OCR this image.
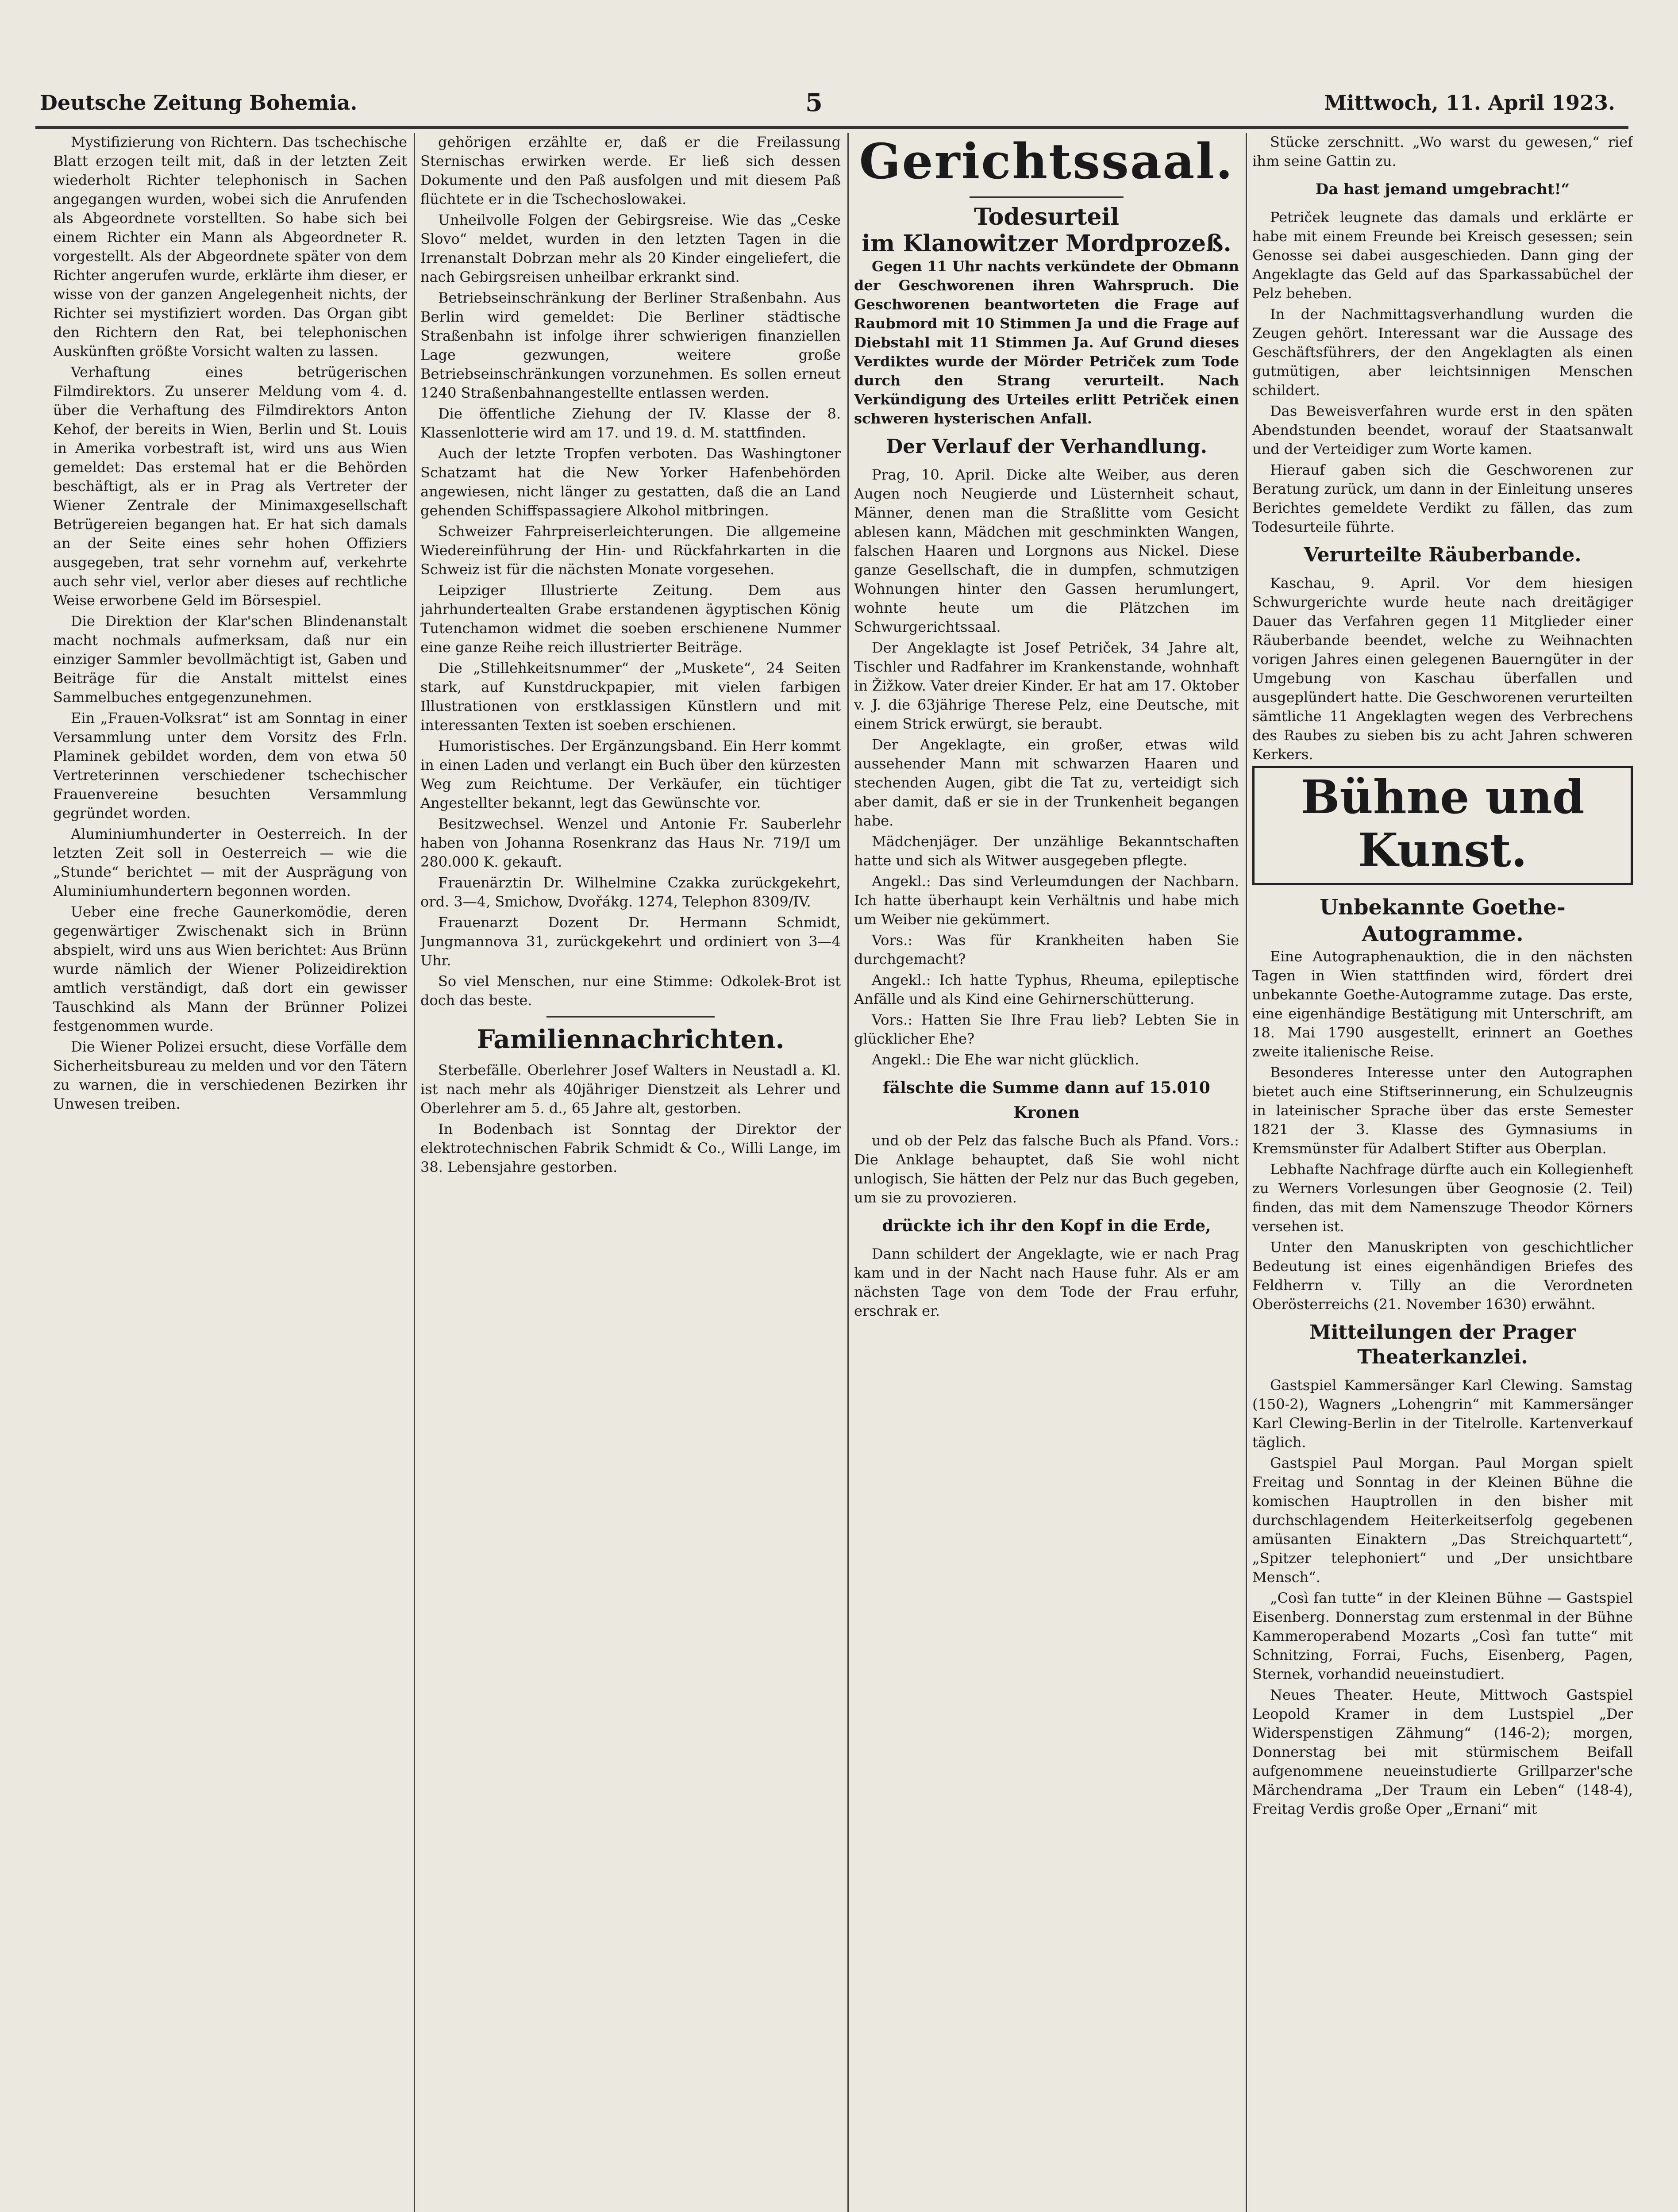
Deutsche Zeitung Bohemia.	5	Mittwoch, 11. April 1923.

Mystifizierung von Richtern. Das tschechische Blatt erzogen teilt mit, daß in der letzten Zeit wiederholt Richter telephonisch in Sachen angegangen wurden, wobei sich die Anrufenden als Abgeordnete vorstellten. So habe sich bei einem Richter ein Mann als Abgeordneter R. vorgestellt. Als der Abgeordnete später von dem Richter angerufen wurde, erklärte ihm dieser, er wisse von der ganzen Angelegenheit nichts, der Richter sei mystifiziert worden. Das Organ gibt den Richtern den Rat, bei telephonischen Auskünften größte Vorsicht walten zu lassen.

Verhaftung eines betrügerischen Filmdirektors. Zu unserer Meldung vom 4. d. über die Verhaftung des Filmdirektors Anton Kehof, der bereits in Wien, Berlin und St. Louis in Amerika vorbestraft ist, wird uns aus Wien gemeldet: Das erstemal hat er die Behörden beschäftigt, als er in Prag als Vertreter der Wiener Zentrale der Minimaxgesellschaft Betrügereien begangen hat. Er hat sich damals an der Seite eines sehr hohen Offiziers ausgegeben, trat sehr vornehm auf, verkehrte auch sehr viel, verlor aber dieses auf rechtliche Weise erworbene Geld im Börsespiel.

Die Direktion der Klar'schen Blindenanstalt macht nochmals aufmerksam, daß nur ein einziger Sammler bevollmächtigt ist, Gaben und Beiträge für die Anstalt mittelst eines Sammelbuches entgegenzunehmen.

Ein „Frauen-Volksrat“ ist am Sonntag in einer Versammlung unter dem Vorsitz des Frln. Plaminek gebildet worden, dem von etwa 50 Vertreterinnen verschiedener tschechischer Frauenvereine besuchten Versammlung gegründet worden.

Aluminiumhunderter in Oesterreich. In der letzten Zeit soll in Oesterreich — wie die „Stunde“ berichtet — mit der Ausprägung von Aluminiumhundertern begonnen worden.

Ueber eine freche Gaunerkomödie, deren gegenwärtiger Zwischenakt sich in Brünn abspielt, wird uns aus Wien berichtet: Aus Brünn wurde nämlich der Wiener Polizeidirektion amtlich verständigt, daß dort ein gewisser Tauschkind als Mann der Brünner Polizei festgenommen wurde.

Die Wiener Polizei ersucht, diese Vorfälle dem Sicherheitsbureau zu melden und vor den Tätern zu warnen, die in verschiedenen Bezirken ihr Unwesen treiben.

gehörigen erzählte er, daß er die Freilassung Sternischas erwirken werde. Er ließ sich dessen Dokumente und den Paß ausfolgen und mit diesem Paß flüchtete er in die Tschechoslowakei.

Unheilvolle Folgen der Gebirgsreise. Wie das „Ceske Slovo“ meldet, wurden in den letzten Tagen in die Irrenanstalt Dobrzan mehr als 20 Kinder eingeliefert, die nach Gebirgsreisen unheilbar erkrankt sind.

Betriebseinschränkung der Berliner Straßenbahn. Aus Berlin wird gemeldet: Die Berliner städtische Straßenbahn ist infolge ihrer schwierigen finanziellen Lage gezwungen, weitere große Betriebseinschränkungen vorzunehmen. Es sollen erneut 1240 Straßenbahnangestellte entlassen werden.

Die öffentliche Ziehung der IV. Klasse der 8. Klassenlotterie wird am 17. und 19. d. M. stattfinden.

Auch der letzte Tropfen verboten. Das Washingtoner Schatzamt hat die New Yorker Hafenbehörden angewiesen, nicht länger zu gestatten, daß die an Land gehenden Schiffspassagiere Alkohol mitbringen.

Schweizer Fahrpreiserleichterungen. Die allgemeine Wiedereinführung der Hin- und Rückfahrkarten in die Schweiz ist für die nächsten Monate vorgesehen.

Leipziger Illustrierte Zeitung. Dem aus jahrhundertealten Grabe erstandenen ägyptischen König Tutenchamon widmet die soeben erschienene Nummer eine ganze Reihe reich illustrierter Beiträge.

Die „Stillehkeitsnummer“ der „Muskete“, 24 Seiten stark, auf Kunstdruckpapier, mit vielen farbigen Illustrationen von erstklassigen Künstlern und mit interessanten Texten ist soeben erschienen.

Humoristisches. Der Ergänzungsband. Ein Herr kommt in einen Laden und verlangt ein Buch über den kürzesten Weg zum Reichtume. Der Verkäufer, ein tüchtiger Angestellter bekannt, legt das Gewünschte vor.

Besitzwechsel. Wenzel und Antonie Fr. Sauberlehr haben von Johanna Rosenkranz das Haus Nr. 719/I um 280.000 K. gekauft.

Frauenärztin Dr. Wilhelmine Czakka zurückgekehrt, ord. 3—4, Smichow, Dvořákg. 1274, Telephon 8309/IV.

Frauenarzt Dozent Dr. Hermann Schmidt, Jungmannova 31, zurückgekehrt und ordiniert von 3—4 Uhr.

So viel Menschen, nur eine Stimme: Odkolek-Brot ist doch das beste.

Familiennachrichten.

Sterbefälle. Oberlehrer Josef Walters in Neustadl a. Kl. ist nach mehr als 40jähriger Dienstzeit als Lehrer und Oberlehrer am 5. d., 65 Jahre alt, gestorben.

In Bodenbach ist Sonntag der Direktor der elektrotechnischen Fabrik Schmidt & Co., Willi Lange, im 38. Lebensjahre gestorben.

Gerichtssaal.
Todesurteil
im Klanowitzer Mordprozeß.

Gegen 11 Uhr nachts verkündete der Obmann der Geschworenen ihren Wahrspruch. Die Geschworenen beantworteten die Frage auf Raubmord mit 10 Stimmen Ja und die Frage auf Diebstahl mit 11 Stimmen Ja. Auf Grund dieses Verdiktes wurde der Mörder Petriček zum Tode durch den Strang verurteilt. Nach Verkündigung des Urteiles erlitt Petriček einen schweren hysterischen Anfall.

Der Verlauf der Verhandlung.

Prag, 10. April. Dicke alte Weiber, aus deren Augen noch Neugierde und Lüsternheit schaut, Männer, denen man die Straßlitte vom Gesicht ablesen kann, Mädchen mit geschminkten Wangen, falschen Haaren und Lorgnons aus Nickel. Diese ganze Gesellschaft, die in dumpfen, schmutzigen Wohnungen hinter den Gassen herumlungert, wohnte heute um die Plätzchen im Schwurgerichtssaal.

Der Angeklagte ist Josef Petriček, 34 Jahre alt, Tischler und Radfahrer im Krankenstande, wohnhaft in Žižkow. Vater dreier Kinder. Er hat am 17. Oktober v. J. die 63jährige Therese Pelz, eine Deutsche, mit einem Strick erwürgt, sie beraubt.

Der Angeklagte, ein großer, etwas wild aussehender Mann mit schwarzen Haaren und stechenden Augen, gibt die Tat zu, verteidigt sich aber damit, daß er sie in der Trunkenheit begangen habe.

Mädchenjäger. Der unzählige Bekanntschaften hatte und sich als Witwer ausgegeben pflegte.

Angekl.: Das sind Verleumdungen der Nachbarn. Ich hatte überhaupt kein Verhältnis und habe mich um Weiber nie gekümmert.

Vors.: Was für Krankheiten haben Sie durchgemacht?

Angekl.: Ich hatte Typhus, Rheuma, epileptische Anfälle und als Kind eine Gehirnerschütterung.

Vors.: Hatten Sie Ihre Frau lieb? Lebten Sie in glücklicher Ehe?

Angekl.: Die Ehe war nicht glücklich.

fälschte die Summe dann auf 15.010 Kronen

und ob der Pelz das falsche Buch als Pfand. Vors.: Die Anklage behauptet, daß Sie wohl nicht unlogisch, Sie hätten der Pelz nur das Buch gegeben, um sie zu provozieren.

drückte ich ihr den Kopf in die Erde,

Dann schildert der Angeklagte, wie er nach Prag kam und in der Nacht nach Hause fuhr. Als er am nächsten Tage von dem Tode der Frau erfuhr, erschrak er.

Stücke zerschnitt. „Wo warst du gewesen,“ rief ihm seine Gattin zu.

Da hast jemand umgebracht!“

Petriček leugnete das damals und erklärte er habe mit einem Freunde bei Kreisch gesessen; sein Genosse sei dabei ausgeschieden. Dann ging der Angeklagte das Geld auf das Sparkassabüchel der Pelz beheben.

In der Nachmittagsverhandlung wurden die Zeugen gehört. Interessant war die Aussage des Geschäftsführers, der den Angeklagten als einen gutmütigen, aber leichtsinnigen Menschen schildert.

Das Beweisverfahren wurde erst in den späten Abendstunden beendet, worauf der Staatsanwalt und der Verteidiger zum Worte kamen.

Hierauf gaben sich die Geschworenen zur Beratung zurück, um dann in der Einleitung unseres Berichtes gemeldete Verdikt zu fällen, das zum Todesurteile führte.

Verurteilte Räuberbande.

Kaschau, 9. April. Vor dem hiesigen Schwurgerichte wurde heute nach dreitägiger Dauer das Verfahren gegen 11 Mitglieder einer Räuberbande beendet, welche zu Weihnachten vorigen Jahres einen gelegenen Bauerngüter in der Umgebung von Kaschau überfallen und ausgeplündert hatte. Die Geschworenen verurteilten sämtliche 11 Angeklagten wegen des Verbrechens des Raubes zu sieben bis zu acht Jahren schweren Kerkers.

Bühne und Kunst.
Unbekannte Goethe-Autogramme.

Eine Autographenauktion, die in den nächsten Tagen in Wien stattfinden wird, fördert drei unbekannte Goethe-Autogramme zutage. Das erste, eine eigenhändige Bestätigung mit Unterschrift, am 18. Mai 1790 ausgestellt, erinnert an Goethes zweite italienische Reise.

Besonderes Interesse unter den Autographen bietet auch eine Stiftserinnerung, ein Schulzeugnis in lateinischer Sprache über das erste Semester 1821 der 3. Klasse des Gymnasiums in Kremsmünster für Adalbert Stifter aus Oberplan.

Lebhafte Nachfrage dürfte auch ein Kollegienheft zu Werners Vorlesungen über Geognosie (2. Teil) finden, das mit dem Namenszuge Theodor Körners versehen ist.

Unter den Manuskripten von geschichtlicher Bedeutung ist eines eigenhändigen Briefes des Feldherrn v. Tilly an die Verordneten Oberösterreichs (21. November 1630) erwähnt.

Mitteilungen der Prager Theaterkanzlei.

Gastspiel Kammersänger Karl Clewing. Samstag (150-2), Wagners „Lohengrin“ mit Kammersänger Karl Clewing-Berlin in der Titelrolle. Kartenverkauf täglich.

Gastspiel Paul Morgan. Paul Morgan spielt Freitag und Sonntag in der Kleinen Bühne die komischen Hauptrollen in den bisher mit durchschlagendem Heiterkeitserfolg gegebenen amüsanten Einaktern „Das Streichquartett“, „Spitzer telephoniert“ und „Der unsichtbare Mensch“.

„Così fan tutte“ in der Kleinen Bühne — Gastspiel Eisenberg. Donnerstag zum erstenmal in der Bühne Kammeroperabend Mozarts „Così fan tutte“ mit Schnitzing, Forrai, Fuchs, Eisenberg, Pagen, Sternek, vorhandid neueinstudiert.

Neues Theater. Heute, Mittwoch Gastspiel Leopold Kramer in dem Lustspiel „Der Widerspenstigen Zähmung“ (146-2); morgen, Donnerstag bei mit stürmischem Beifall aufgenommene neueinstudierte Grillparzer'sche Märchendrama „Der Traum ein Leben“ (148-4), Freitag Verdis große Oper „Ernani“ mit
